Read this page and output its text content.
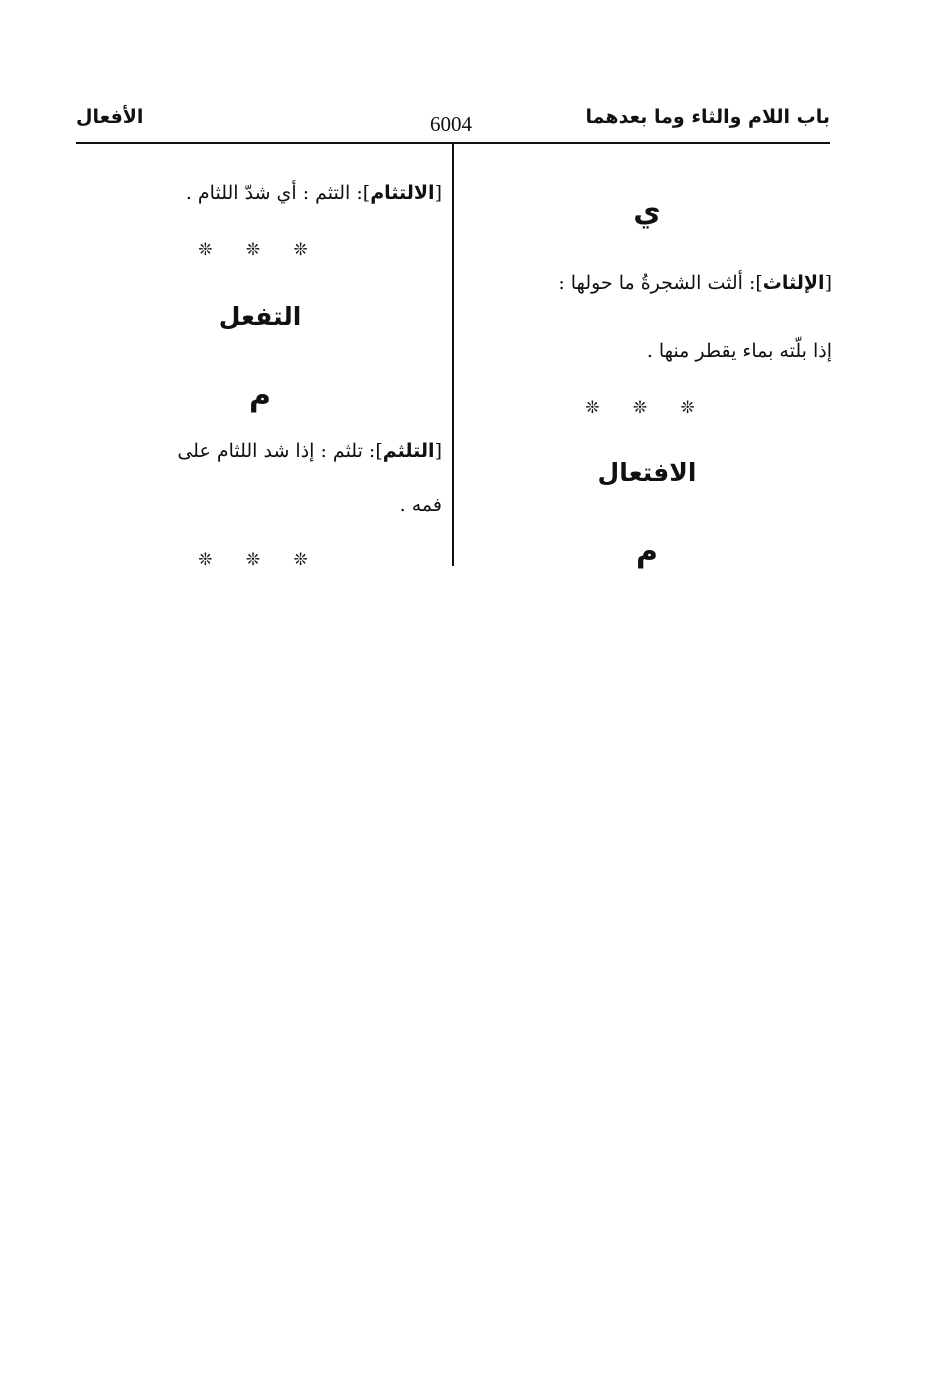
باب اللام والثاء وما بعدهما
6004
الأفعال
ي
[الإلثاث]: ألثت الشجرةُ ما حولها :
إذا بلّته بماء يقطر منها .
❊ ❊ ❊
الافتعال
م
[الالتثام]: التثم : أي شدّ اللثام .
❊ ❊ ❊
التفعل
م
[التلثم]: تلثم : إذا شد اللثام على
فمه .
❊ ❊ ❊
